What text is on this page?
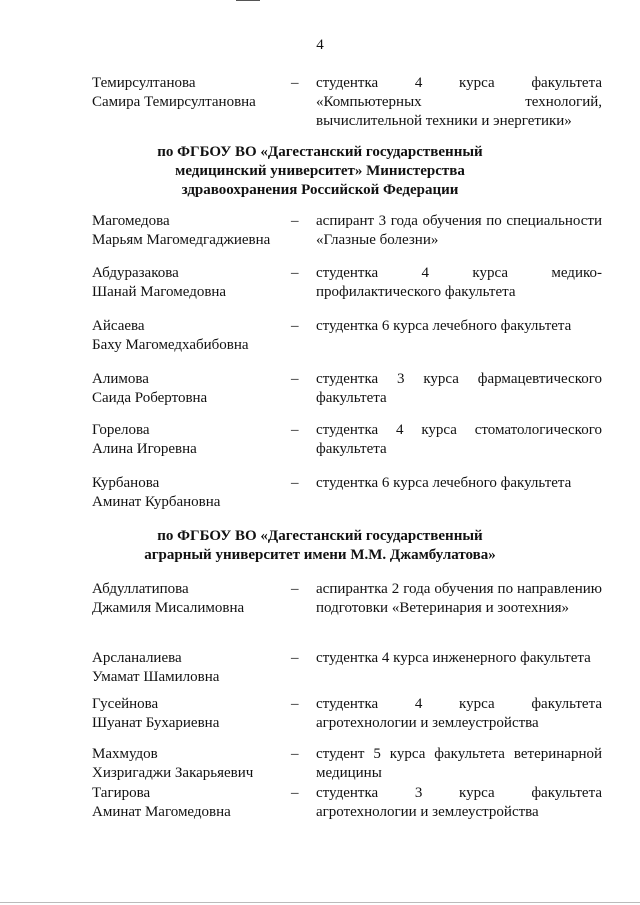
4
Темирсултанова
Самира Темирсултановна
– студентка 4 курса факультета «Компьютерных технологий, вычислительной техники и энергетики»
по ФГБОУ ВО «Дагестанский государственный
медицинский университет» Министерства
здравоохранения Российской Федерации
Магомедова
Марьям Магомедгаджиевна
– аспирант 3 года обучения по специальности «Глазные болезни»
Абдуразакова
Шанай Магомедовна
– студентка 4 курса медико-профилактического факультета
Айсаева
Баху Магомедхабибовна
– студентка 6 курса лечебного факультета
Алимова
Саида Робертовна
– студентка 3 курса фармацевтического факультета
Горелова
Алина Игоревна
– студентка 4 курса стоматологического факультета
Курбанова
Аминат Курбановна
– студентка 6 курса лечебного факультета
по ФГБОУ ВО «Дагестанский государственный
аграрный университет имени М.М. Джамбулатова»
Абдуллатипова
Джамиля Мисалимовна
– аспирантка 2 года обучения по направлению подготовки «Ветеринария и зоотехния»
Арсланалиева
Умамат Шамиловна
– студентка 4 курса инженерного факультета
Гусейнова
Шуанат Бухариевна
– студентка 4 курса факультета агротехнологии и землеустройства
Махмудов
Хизригаджи Закарьяевич
– студент 5 курса факультета ветеринарной медицины
Тагирова
Аминат Магомедовна
– студентка 3 курса факультета агротехнологии и землеустройства
